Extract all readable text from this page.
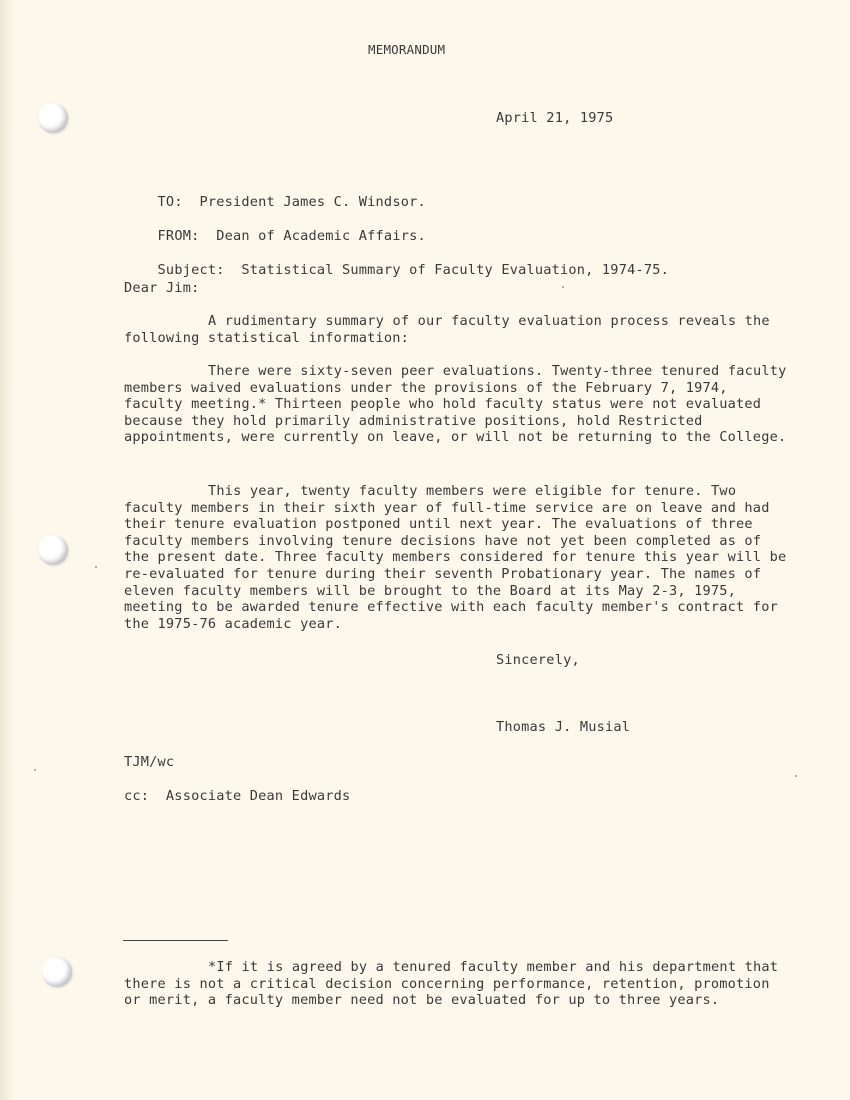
MEMORANDUM
April 21, 1975

TO: President James C. Windsor.

FROM: Dean of Academic Affairs.

Subject: Statistical Summary of Faculty Evaluation, 1974-75.

Dear Jim:
A rudimentary summary of our faculty evaluation process reveals the following statistical information:
There were sixty-seven peer evaluations. Twenty-three tenured faculty members waived evaluations under the provisions of the February 7, 1974, faculty meeting.* Thirteen people who hold faculty status were not evaluated because they hold primarily administrative positions, hold Restricted appointments, were currently on leave, or will not be returning to the College.
This year, twenty faculty members were eligible for tenure. Two faculty members in their sixth year of full-time service are on leave and had their tenure evaluation postponed until next year. The evaluations of three faculty members involving tenure decisions have not yet been completed as of the present date. Three faculty members considered for tenure this year will be re-evaluated for tenure during their seventh Probationary year. The names of eleven faculty members will be brought to the Board at its May 2-3, 1975, meeting to be awarded tenure effective with each faculty member's contract for the 1975-76 academic year.
Sincerely,
Thomas J. Musial
TJM/wc
cc:  Associate Dean Edwards
*If it is agreed by a tenured faculty member and his department that there is not a critical decision concerning performance, retention, promotion or merit, a faculty member need not be evaluated for up to three years.
